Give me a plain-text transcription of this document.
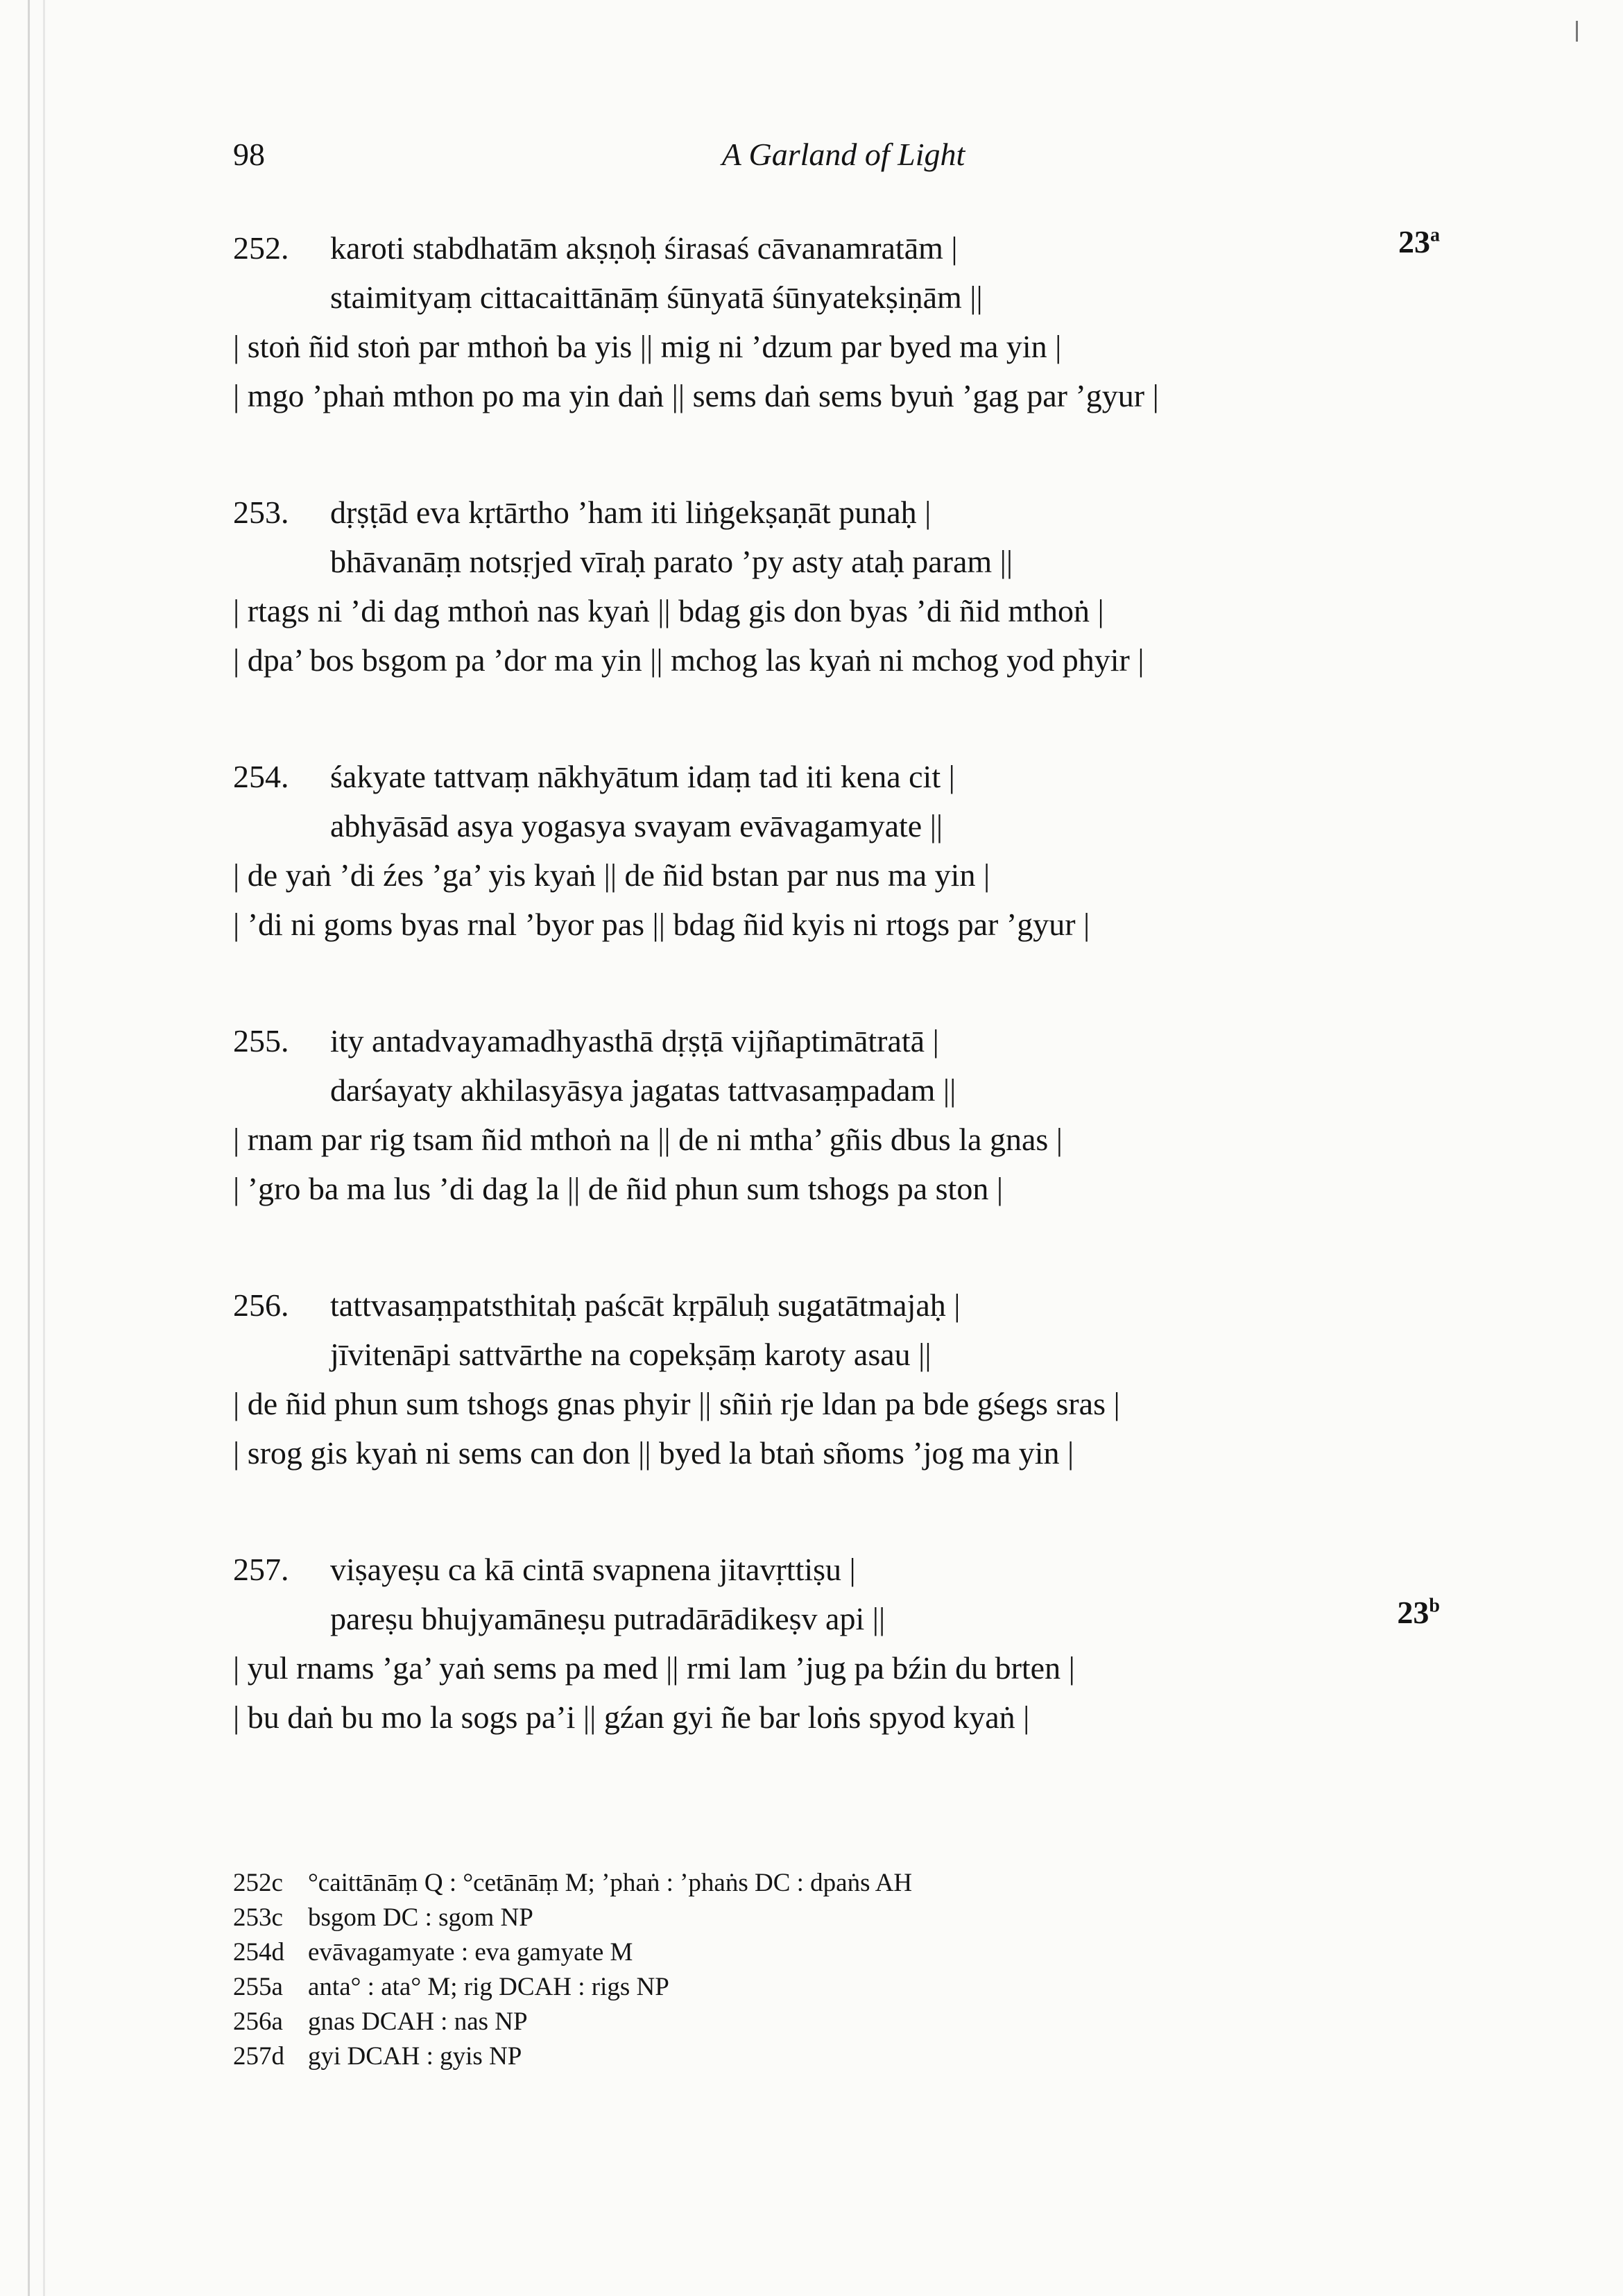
98	A Garland of Light
252. karoti stabdhatām akṣṇoḥ śirasaś cāvanamratām |
staimityaṃ cittacaittānāṃ śūnyatā śūnyatekṣiṇām ||
| stoṅ ñid stoṅ par mthoṅ ba yis || mig ni ’dzum par byed ma yin |
| mgo ’phaṅ mthon po ma yin daṅ || sems daṅ sems byuṅ ’gag par ’gyur |
23$^a$
253. dṛṣṭād eva kṛtārtho ’ham iti liṅgekṣaṇāt punaḥ |
bhāvanāṃ notsṛjed vīraḥ parato ’py asty ataḥ param ||
| rtags ni ’di dag mthoṅ nas kyaṅ || bdag gis don byas ’di ñid mthoṅ |
| dpa’ bos bsgom pa ’dor ma yin || mchog las kyaṅ ni mchog yod phyir |
254. śakyate tattvaṃ nākhyātum idaṃ tad iti kena cit |
abhyāsād asya yogasya svayam evāvagamyate ||
| de yaṅ ’di źes ’ga’ yis kyaṅ || de ñid bstan par nus ma yin |
| ’di ni goms byas rnal ’byor pas || bdag ñid kyis ni rtogs par ’gyur |
255. ity antadvayamadhyasthā dṛṣṭā vijñaptimātratā |
darśayaty akhilasyāsya jagatas tattvasaṃpadam ||
| rnam par rig tsam ñid mthoṅ na || de ni mtha’ gñis dbus la gnas |
| ’gro ba ma lus ’di dag la || de ñid phun sum tshogs pa ston |
256. tattvasaṃpatsthitaḥ paścāt kṛpāluḥ sugatātmajaḥ |
jīvitenāpi sattvārthe na copekṣāṃ karoty asau ||
| de ñid phun sum tshogs gnas phyir || sñiṅ rje ldan pa bde gśegs sras |
| srog gis kyaṅ ni sems can don || byed la btaṅ sñoms ’jog ma yin |
257. viṣayeṣu ca kā cintā svapnena jitavṛttiṣu |
pareṣu bhujyamāneṣu putradārādikeṣv api ||
| yul rnams ’ga’ yaṅ sems pa med || rmi lam ’jug pa bźin du brten |
| bu daṅ bu mo la sogs pa’i || gźan gyi ñe bar loṅs spyod kyaṅ |
23$^b$
252c °caittānāṃ Q : °cetānāṃ M; ’phaṅ : ’phaṅs DC : dpaṅs AH
253c bsgom DC : sgom NP
254d evāvagamyate : eva gamyate M
255a anta° : ata° M; rig DCAH : rigs NP
256a gnas DCAH : nas NP
257d gyi DCAH : gyis NP
